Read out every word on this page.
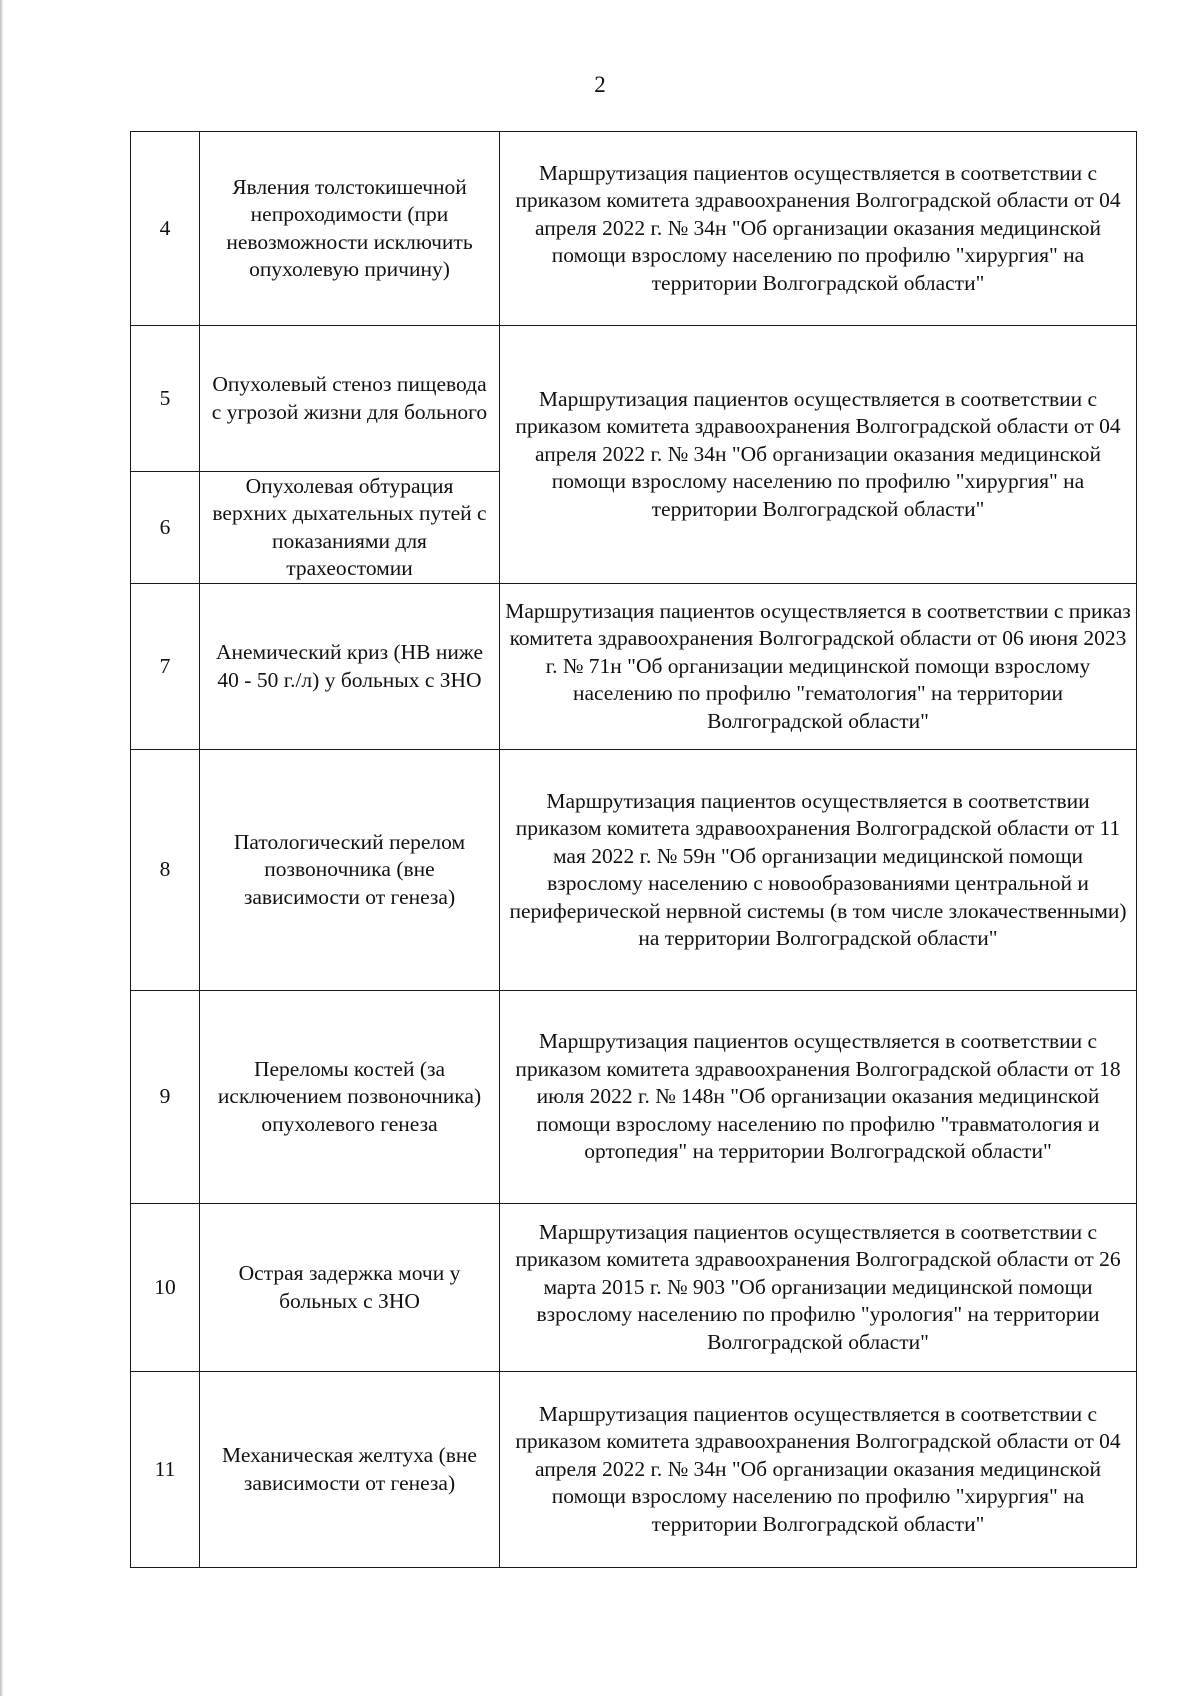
2
4	Явления толстокишечной непроходимости (при невозможности исключить опухолевую причину)	Маршрутизация пациентов осуществляется в соответствии с приказом комитета здравоохранения Волгоградской области от 04 апреля 2022 г. № 34н "Об организации оказания медицинской помощи взрослому населению по профилю "хирургия" на территории Волгоградской области"
5	Опухолевый стеноз пищевода с угрозой жизни для больного	Маршрутизация пациентов осуществляется в соответствии с приказом комитета здравоохранения Волгоградской области от 04 апреля 2022 г. № 34н "Об организации оказания медицинской помощи взрослому населению по профилю "хирургия" на территории Волгоградской области"
6	Опухолевая обтурация верхних дыхательных путей с показаниями для трахеостомии	
7	Анемический криз (HB ниже 40 - 50 г./л) у больных с ЗНО	Маршрутизация пациентов осуществляется в соответствии с приказ комитета здравоохранения Волгоградской области от 06 июня 2023 г. № 71н "Об организации медицинской помощи взрослому населению по профилю "гематология" на территории Волгоградской области"
8	Патологический перелом позвоночника (вне зависимости от генеза)	Маршрутизация пациентов осуществляется в соответствии приказом комитета здравоохранения Волгоградской области от 11 мая 2022 г. № 59н "Об организации медицинской помощи взрослому населению с новообразованиями центральной и периферической нервной системы (в том числе злокачественными) на территории Волгоградской области"
9	Переломы костей (за исключением позвоночника) опухолевого генеза	Маршрутизация пациентов осуществляется в соответствии с приказом комитета здравоохранения Волгоградской области от 18 июля 2022 г. № 148н "Об организации оказания медицинской помощи взрослому населению по профилю "травматология и ортопедия" на территории Волгоградской области"
10	Острая задержка мочи у больных с ЗНО	Маршрутизация пациентов осуществляется в соответствии с приказом комитета здравоохранения Волгоградской области от 26 марта 2015 г. № 903 "Об организации медицинской помощи взрослому населению по профилю "урология" на территории Волгоградской области"
11	Механическая желтуха (вне зависимости от генеза)	Маршрутизация пациентов осуществляется в соответствии с приказом комитета здравоохранения Волгоградской области от 04 апреля 2022 г. № 34н "Об организации оказания медицинской помощи взрослому населению по профилю "хирургия" на территории Волгоградской области"
